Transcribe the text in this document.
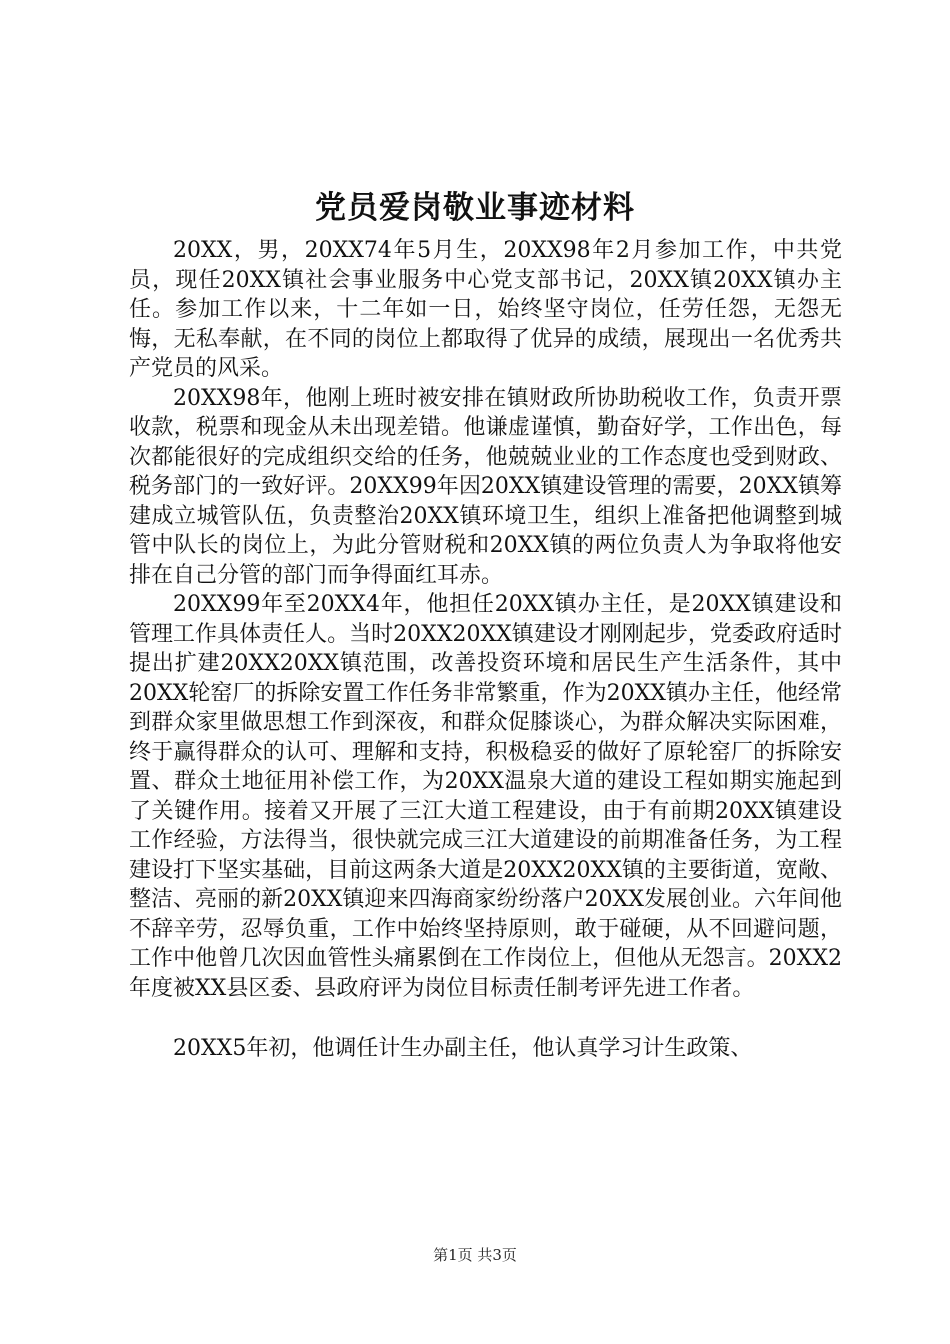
党员爱岗敬业事迹材料

20XX，男，20XX74年5月生，20XX98年2月参加工作，中共党员，现任20XX镇社会事业服务中心党支部书记，20XX镇20XX镇办主任。参加工作以来，十二年如一日，始终坚守岗位，任劳任怨，无怨无悔，无私奉献，在不同的岗位上都取得了优异的成绩，展现出一名优秀共产党员的风采。

20XX98年，他刚上班时被安排在镇财政所协助税收工作，负责开票收款，税票和现金从未出现差错。他谦虚谨慎，勤奋好学，工作出色，每次都能很好的完成组织交给的任务，他兢兢业业的工作态度也受到财政、税务部门的一致好评。20XX99年因20XX镇建设管理的需要，20XX镇筹建成立城管队伍，负责整治20XX镇环境卫生，组织上准备把他调整到城管中队长的岗位上，为此分管财税和20XX镇的两位负责人为争取将他安排在自己分管的部门而争得面红耳赤。

20XX99年至20XX4年，他担任20XX镇办主任，是20XX镇建设和管理工作具体责任人。当时20XX20XX镇建设才刚刚起步，党委政府适时提出扩建20XX20XX镇范围，改善投资环境和居民生产生活条件，其中20XX轮窑厂的拆除安置工作任务非常繁重，作为20XX镇办主任，他经常到群众家里做思想工作到深夜，和群众促膝谈心，为群众解决实际困难，终于赢得群众的认可、理解和支持，积极稳妥的做好了原轮窑厂的拆除安置、群众土地征用补偿工作，为20XX温泉大道的建设工程如期实施起到了关键作用。接着又开展了三江大道工程建设，由于有前期20XX镇建设工作经验，方法得当，很快就完成三江大道建设的前期准备任务，为工程建设打下坚实基础，目前这两条大道是20XX20XX镇的主要街道，宽敞、整洁、亮丽的新20XX镇迎来四海商家纷纷落户20XX发展创业。六年间他不辞辛劳，忍辱负重，工作中始终坚持原则，敢于碰硬，从不回避问题，工作中他曾几次因血管性头痛累倒在工作岗位上，但他从无怨言。20XX2年度被XX县区委、县政府评为岗位目标责任制考评先进工作者。

20XX5年初，他调任计生办副主任，他认真学习计生政策、

第1页 共3页
